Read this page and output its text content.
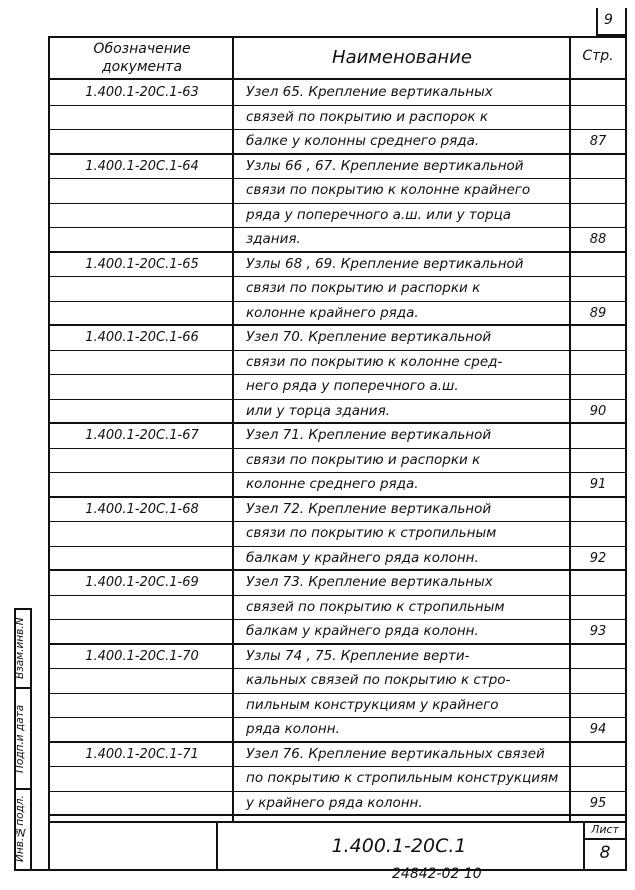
9
Обозначение документа	Наименование	Стр.
1.400.1-20С.1-63	Узел 65. Крепление вертикальных
связей по покрытию и распорок к
балке у колонны среднего ряда.	87
1.400.1-20С.1-64	Узлы 66 , 67. Крепление вертикальной
связи по покрытию к колонне крайнего
ряда у поперечного а.ш. или у торца
здания.	88
1.400.1-20С.1-65	Узлы 68 , 69. Крепление вертикальной
связи по покрытию и распорки к
колонне крайнего ряда.	89
1.400.1-20С.1-66	Узел 70. Крепление вертикальной
связи по покрытию к колонне сред-
него ряда у поперечного а.ш.
или у торца здания.	90
1.400.1-20С.1-67	Узел 71. Крепление вертикальной
связи по покрытию и распорки к
колонне среднего ряда.	91
1.400.1-20С.1-68	Узел 72. Крепление вертикальной
связи по покрытию к стропильным
балкам у крайнего ряда колонн.	92
1.400.1-20С.1-69	Узел 73. Крепление вертикальных
связей по покрытию к стропильным
балкам у крайнего ряда колонн.	93
1.400.1-20С.1-70	Узлы 74 , 75. Крепление верти-
кальных связей по покрытию к стро-
пильным конструкциям у крайнего
ряда колонн.	94
1.400.1-20С.1-71	Узел 76. Крепление вертикальных связей
по покрытию к стропильным конструкциям
у крайнего ряда колонн.	95
Взам.инв.N
Подп.и дата
Инв.№подл.	1.400.1-20С.1
Лист
8
24842-02 10
